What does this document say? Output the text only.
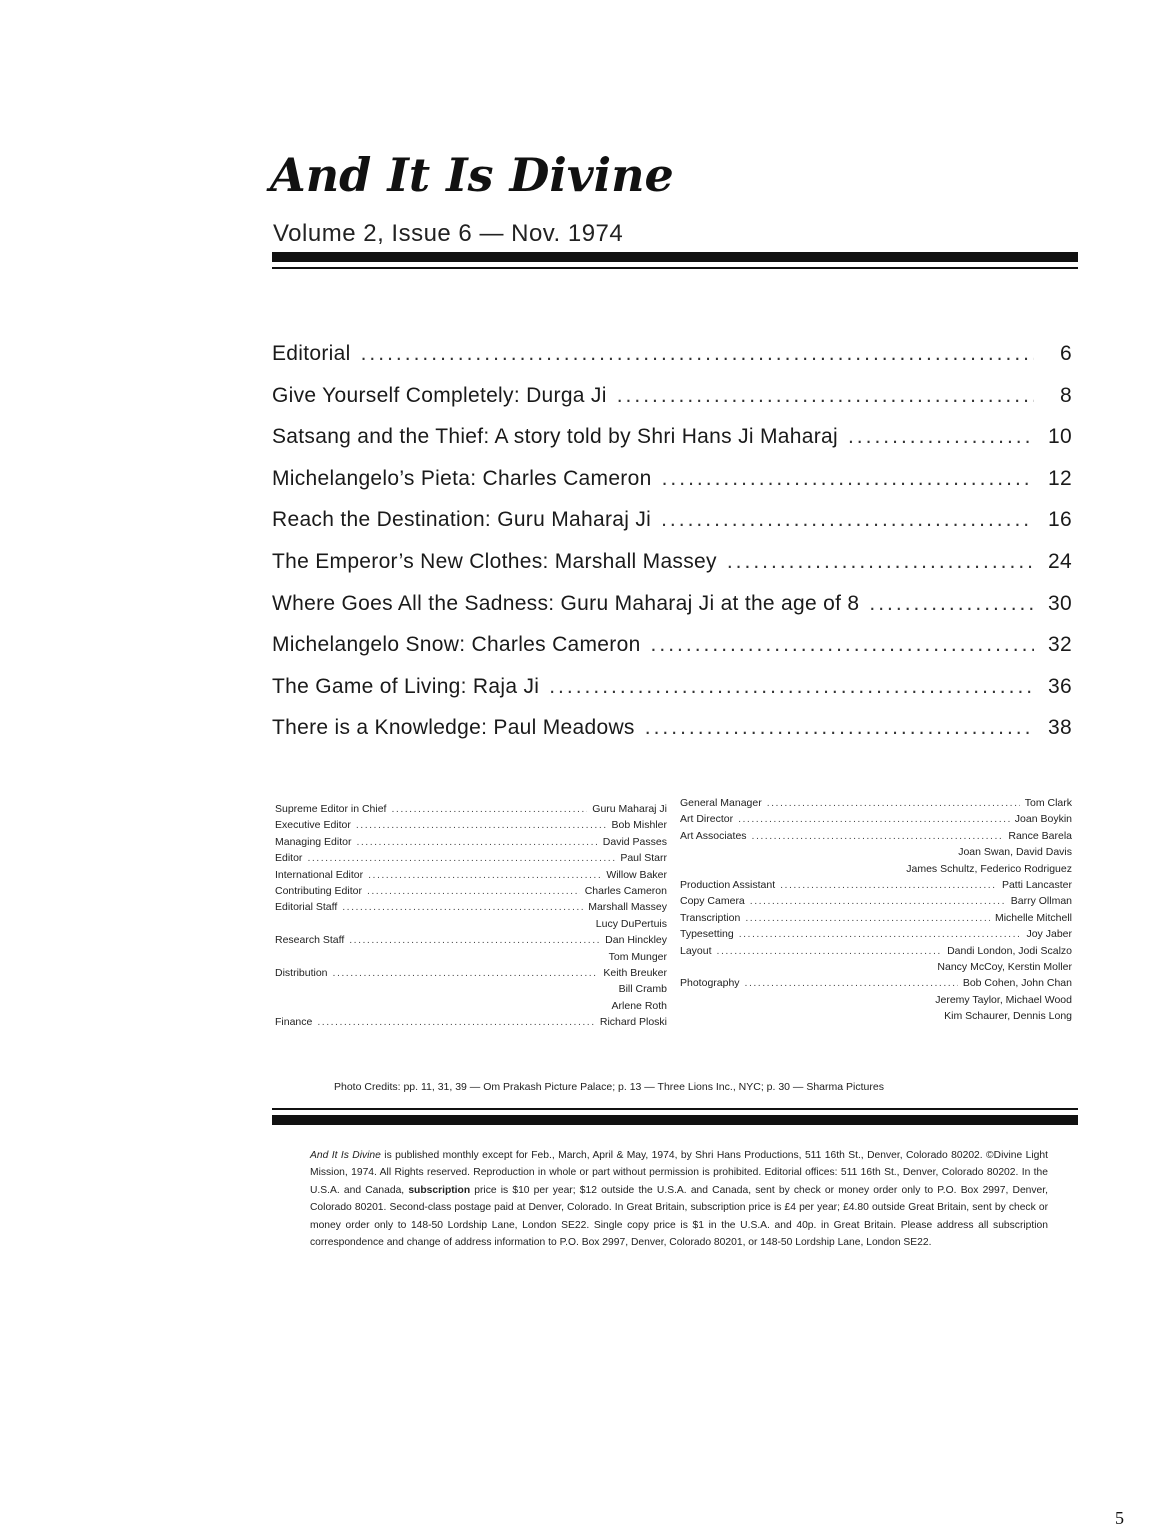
And It Is Divine
Volume 2, Issue 6 — Nov. 1974
Editorial .....	6
Give Yourself Completely: Durga Ji .....	8
Satsang and the Thief: A story told by Shri Hans Ji Maharaj .....	10
Michelangelo’s Pieta: Charles Cameron .....	12
Reach the Destination: Guru Maharaj Ji .....	16
The Emperor’s New Clothes: Marshall Massey .....	24
Where Goes All the Sadness: Guru Maharaj Ji at the age of 8 .....	30
Michelangelo Snow: Charles Cameron .....	32
The Game of Living: Raja Ji .....	36
There is a Knowledge: Paul Meadows .....	38
Supreme Editor in Chief .....	Guru Maharaj Ji
Executive Editor .....	Bob Mishler
Managing Editor .....	David Passes
Editor .....	Paul Starr
International Editor .....	Willow Baker
Contributing Editor .....	Charles Cameron
Editorial Staff .....	Marshall Massey
Lucy DuPertuis
Research Staff .....	Dan Hinckley
Tom Munger
Distribution .....	Keith Breuker
Bill Cramb
Arlene Roth
Finance .....	Richard Ploski
General Manager .....	Tom Clark
Art Director .....	Joan Boykin
Art Associates .....	Rance Barela
Joan Swan, David Davis
James Schultz, Federico Rodriguez
Production Assistant .....	Patti Lancaster
Copy Camera .....	Barry Ollman
Transcription .....	Michelle Mitchell
Typesetting .....	Joy Jaber
Layout .....	Dandi London, Jodi Scalzo
Nancy McCoy, Kerstin Moller
Photography .....	Bob Cohen, John Chan
Jeremy Taylor, Michael Wood
Kim Schaurer, Dennis Long
Photo Credits: pp. 11, 31, 39 — Om Prakash Picture Palace; p. 13 — Three Lions Inc., NYC; p. 30 — Sharma Pictures
And It Is Divine is published monthly except for Feb., March, April & May, 1974, by Shri Hans Productions, 511 16th St., Denver, Colorado 80202. ©Divine Light Mission, 1974. All Rights reserved. Reproduction in whole or part without permission is prohibited. Editorial offices: 511 16th St., Denver, Colorado 80202. In the U.S.A. and Canada, subscription price is $10 per year; $12 outside the U.S.A. and Canada, sent by check or money order only to P.O. Box 2997, Denver, Colorado 80201. Second-class postage paid at Denver, Colorado. In Great Britain, subscription price is £4 per year; £4.80 outside Great Britain, sent by check or money order only to 148-50 Lordship Lane, London SE22. Single copy price is $1 in the U.S.A. and 40p. in Great Britain. Please address all subscription correspondence and change of address information to P.O. Box 2997, Denver, Colorado 80201, or 148-50 Lordship Lane, London SE22.
5
